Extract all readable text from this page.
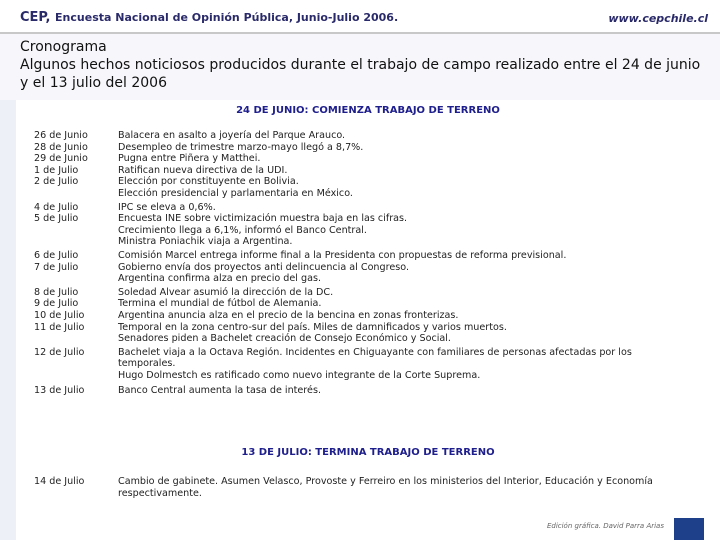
CEP, Encuesta Nacional de Opinión Pública, Junio-Julio 2006.	www.cepchile.cl
Cronograma
Algunos hechos noticiosos producidos durante el trabajo de campo realizado entre el 24 de junio
y el 13 julio del 2006
24 DE JUNIO: COMIENZA TRABAJO DE TERRENO
26 de Junio	Balacera en asalto a joyería del Parque Arauco.
28 de Junio	Desempleo de trimestre marzo-mayo llegó a 8,7%.
29 de Junio	Pugna entre Piñera y Matthei.
1 de Julio	Ratifican nueva directiva de la UDI.
2 de Julio	Elección por constituyente en Bolivia.
Elección presidencial y parlamentaria en México.
4 de Julio	IPC se eleva a 0,6%.
5 de Julio	Encuesta INE sobre victimización muestra baja en las cifras.
Crecimiento llega a 6,1%, informó el Banco Central.
Ministra Poniachik viaja a Argentina.
6 de Julio	Comisión Marcel entrega informe final a la Presidenta con propuestas de reforma previsional.
7 de Julio	Gobierno envía dos proyectos anti delincuencia al Congreso.
Argentina confirma alza en precio del gas.
8 de Julio	Soledad Alvear asumió la dirección de la DC.
9 de Julio	Termina el mundial de fútbol de Alemania.
10 de Julio	Argentina anuncia alza en el precio de la bencina en zonas fronterizas.
11 de Julio	Temporal en la zona centro-sur del país. Miles de damnificados y varios muertos.
Senadores piden a Bachelet creación de Consejo Económico y Social.
12 de Julio	Bachelet viaja a la Octava Región. Incidentes en Chiguayante con familiares de personas afectadas por los temporales.
Hugo Dolmestch es ratificado como nuevo integrante de la Corte Suprema.
13 de Julio	Banco Central aumenta la tasa de interés.
13 DE JULIO: TERMINA TRABAJO DE TERRENO
14 de Julio	Cambio de gabinete. Asumen Velasco, Provoste y Ferreiro en los ministerios del Interior, Educación y Economía respectivamente.
Edición gráfica. David Parra Arias
